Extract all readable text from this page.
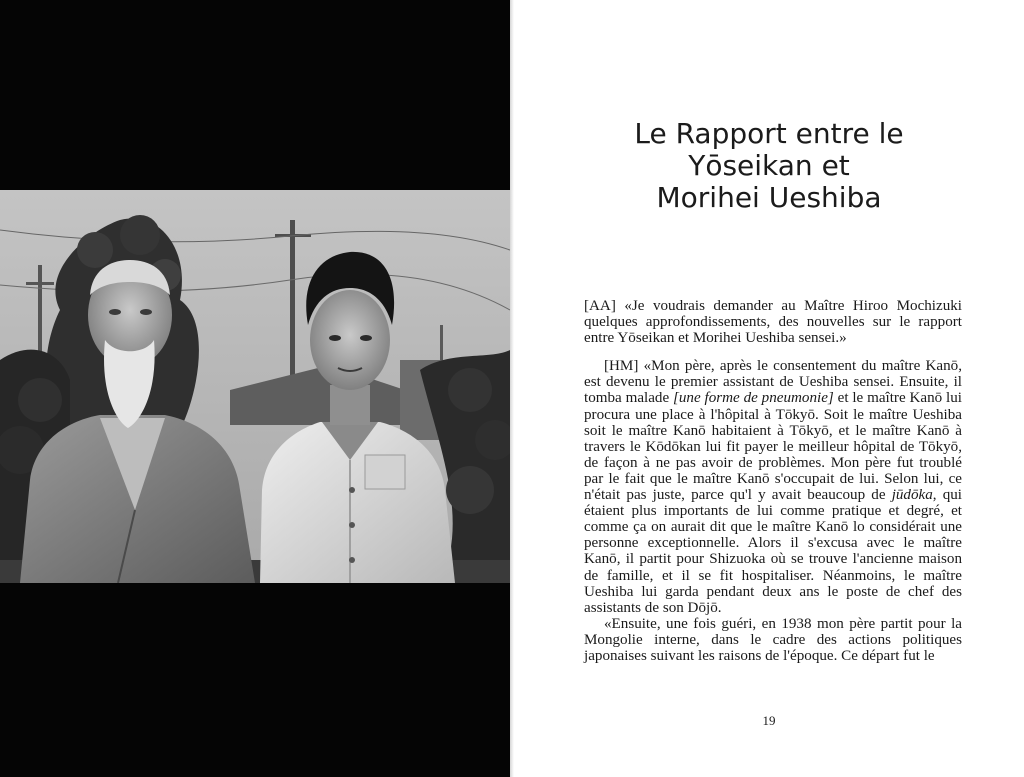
Le Rapport entre le
Yōseikan et
Morihei Ueshiba

[AA] «Je voudrais demander au Maître Hiroo Mochizuki quelques approfondissements, des nouvelles sur le rapport entre Yōseikan et Morihei Ueshiba sensei.»

[HM] «Mon père, après le consentement du maître Kanō, est devenu le premier assistant de Ueshiba sensei. Ensuite, il tomba malade [une forme de pneumonie] et le maître Kanō lui procura une place à l'hôpital à Tōkyō. Soit le maître Ueshiba soit le maître Kanō habitaient à Tōkyō, et le maître Kanō à travers le Kōdōkan lui fit payer le meilleur hôpital de Tōkyō, de façon à ne pas avoir de problèmes. Mon père fut troublé par le fait que le maître Kanō s'occupait de lui. Selon lui, ce n'était pas juste, parce qu'l y avait beaucoup de jūdōka, qui étaient plus importants de lui comme pratique et degré, et comme ça on aurait dit que le maître Kanō lo considérait une personne exceptionnelle. Alors il s'excusa avec le maître Kanō, il partit pour Shizuoka où se trouve l'ancienne maison de famille, et il se fit hospitaliser. Néanmoins, le maître Ueshiba lui garda pendant deux ans le poste de chef des assistants de son Dōjō.

«Ensuite, une fois guéri, en 1938 mon père partit pour la Mongolie interne, dans le cadre des actions politiques japonaises suivant les raisons de l'époque. Ce départ fut le

19
